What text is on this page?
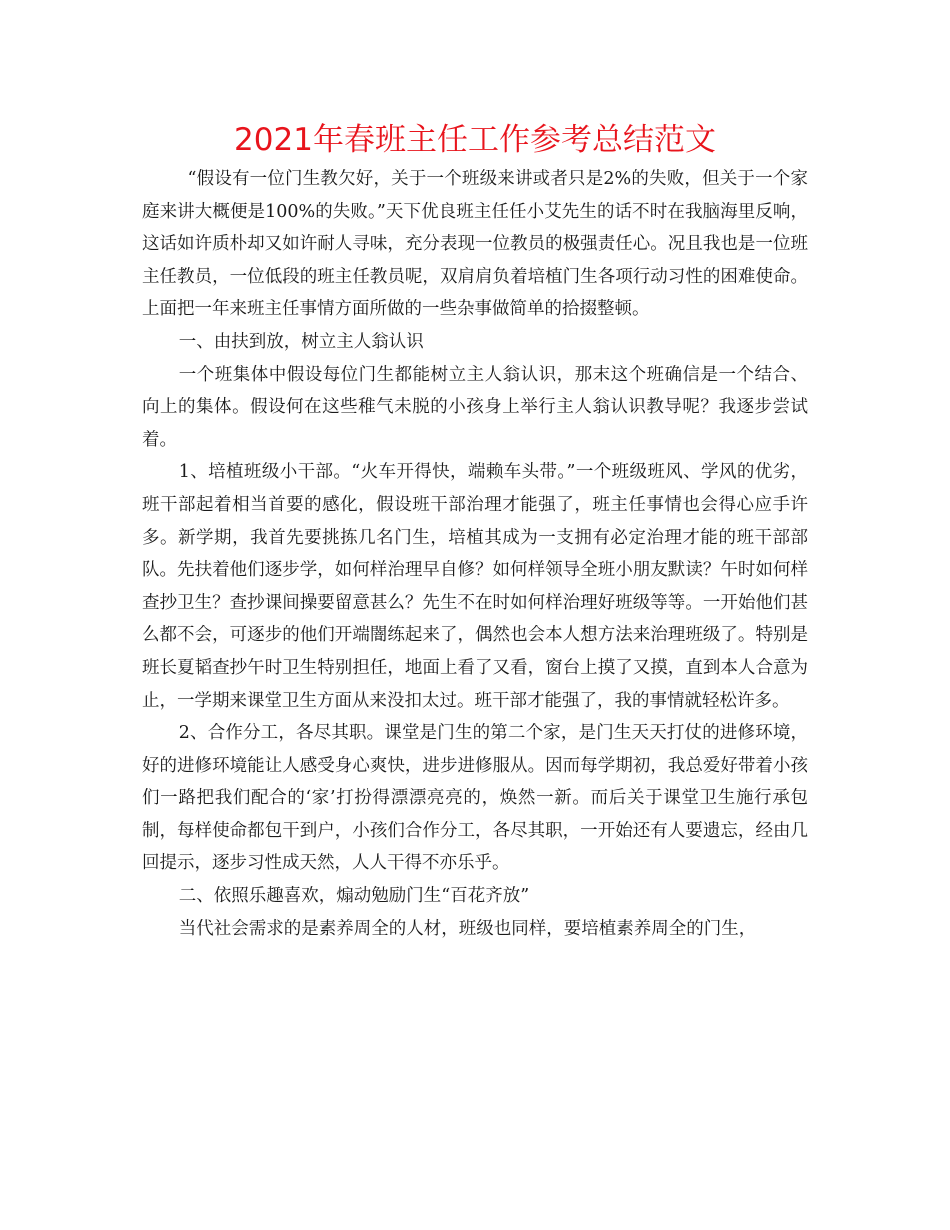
2021年春班主任工作参考总结范文

“假设有一位门生教欠好，关于一个班级来讲或者只是2%的失败，但关于一个家庭来讲大概便是100%的失败。”天下优良班主任任小艾先生的话不时在我脑海里反响，这话如许质朴却又如许耐人寻味，充分表现一位教员的极强责任心。况且我也是一位班主任教员，一位低段的班主任教员呢，双肩肩负着培植门生各项行动习性的困难使命。上面把一年来班主任事情方面所做的一些杂事做简单的拾掇整顿。

一、由扶到放，树立主人翁认识

一个班集体中假设每位门生都能树立主人翁认识，那末这个班确信是一个结合、向上的集体。假设何在这些稚气未脱的小孩身上举行主人翁认识教导呢？我逐步尝试着。

1、培植班级小干部。“火车开得快，端赖车头带。”一个班级班风、学风的优劣，班干部起着相当首要的感化，假设班干部治理才能强了，班主任事情也会得心应手许多。新学期，我首先要挑拣几名门生，培植其成为一支拥有必定治理才能的班干部部队。先扶着他们逐步学，如何样治理早自修？如何样领导全班小朋友默读？午时如何样查抄卫生？查抄课间操要留意甚么？先生不在时如何样治理好班级等等。一开始他们甚么都不会，可逐步的他们开端闇练起来了，偶然也会本人想方法来治理班级了。特别是班长夏韬查抄午时卫生特别担任，地面上看了又看，窗台上摸了又摸，直到本人合意为止，一学期来课堂卫生方面从来没扣太过。班干部才能强了，我的事情就轻松许多。

2、合作分工，各尽其职。课堂是门生的第二个家，是门生天天打仗的进修环境，好的进修环境能让人感受身心爽快，进步进修服从。因而每学期初，我总爱好带着小孩们一路把我们配合的‘家’打扮得漂漂亮亮的，焕然一新。而后关于课堂卫生施行承包制，每样使命都包干到户，小孩们合作分工，各尽其职，一开始还有人要遗忘，经由几回提示，逐步习性成天然，人人干得不亦乐乎。

二、依照乐趣喜欢，煽动勉励门生“百花齐放”

当代社会需求的是素养周全的人材，班级也同样，要培植素养周全的门生，
